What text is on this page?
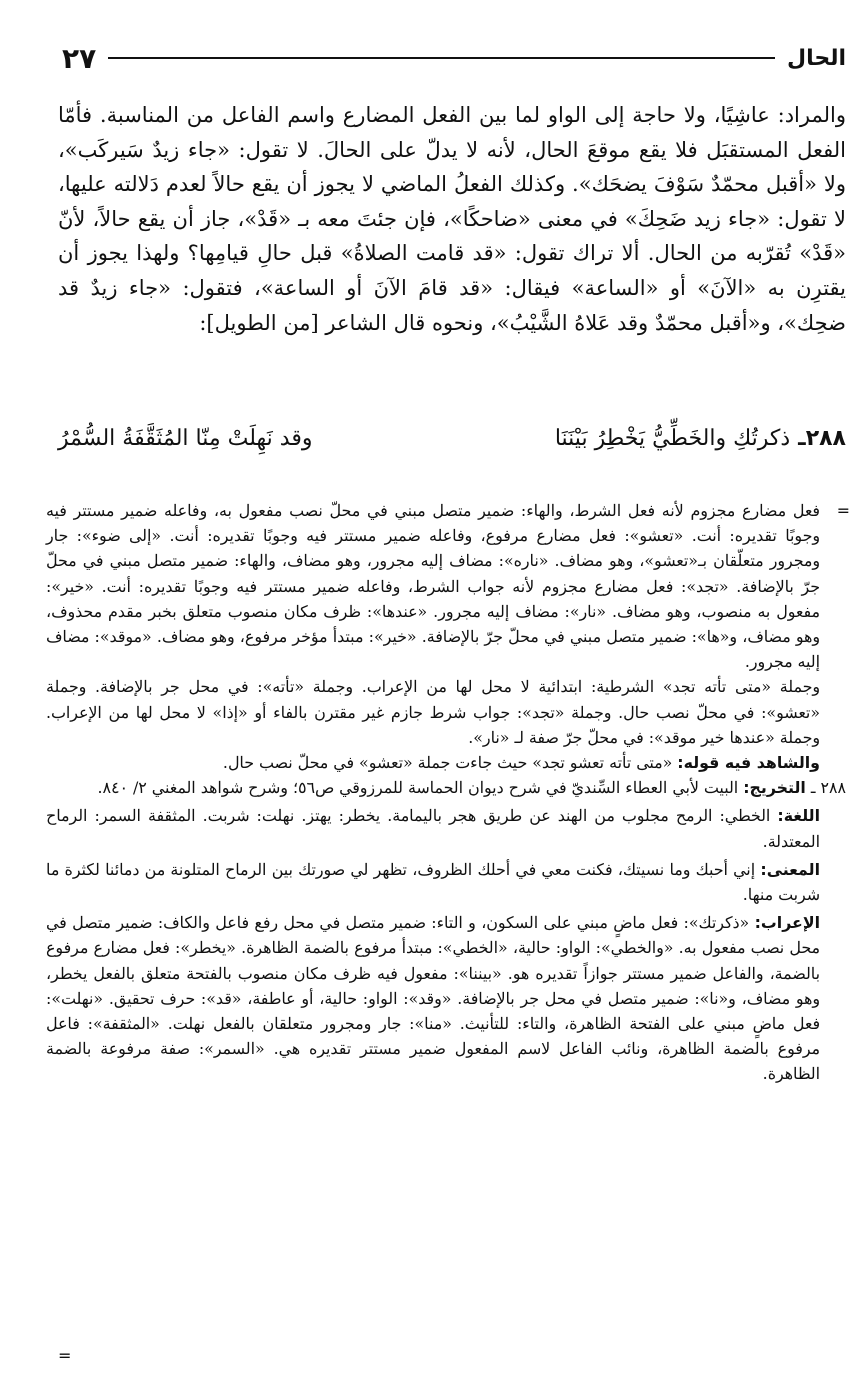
الحال
٢٧

والمراد: عاشِيًا، ولا حاجة إلى الواو لما بين الفعل المضارع واسم الفاعل من المناسبة. فأمّا الفعل المستقبَل فلا يقع موقعَ الحال، لأنه لا يدلّ على الحالَ. لا تقول: «جاء زيدٌ سَيركَب»، ولا «أقبل محمّدٌ سَوْفَ يضحَك». وكذلك الفعلُ الماضي لا يجوز أن يقع حالاً لعدم دَلالته عليها، لا تقول: «جاء زيد ضَحِكَ» في معنى «ضاحكًا»، فإن جئتَ معه بـ «قَدْ»، جاز أن يقع حالاً، لأنّ «قَدْ» تُقرّبه من الحال. ألا تراك تقول: «قد قامت الصلاةُ» قبل حالِ قيامِها؟ ولهذا يجوز أن يقترِن به «الآنَ» أو «الساعة» فيقال: «قد قامَ الآنَ أو الساعة»، فتقول: «جاء زيدٌ قد ضحِك»، و«أقبل محمّدٌ وقد عَلاهُ الشَّيْبُ»، ونحوه قال الشاعر [من الطويل]:

٢٨٨ـ
ذكرتُكِ والخَطِّيُّ يَخْطِرُ بَيْنَنَا
وقد نَهِلَتْ مِنّا المُثَقَّفَةُ السُّمْرُ

=
فعل مضارع مجزوم لأنه فعل الشرط، والهاء: ضمير متصل مبني في محلّ نصب مفعول به، وفاعله ضمير مستتر فيه وجوبًا تقديره: أنت. «تعشو»: فعل مضارع مرفوع، وفاعله ضمير مستتر فيه وجوبًا تقديره: أنت. «إلى ضوء»: جار ومجرور متعلّقان بـ«تعشو»، وهو مضاف. «ناره»: مضاف إليه مجرور، وهو مضاف، والهاء: ضمير متصل مبني في محلّ جرّ بالإضافة. «تجد»: فعل مضارع مجزوم لأنه جواب الشرط، وفاعله ضمير مستتر فيه وجوبًا تقديره: أنت. «خير»: مفعول به منصوب، وهو مضاف. «نار»: مضاف إليه مجرور. «عندها»: ظرف مكان منصوب متعلق بخبر مقدم محذوف، وهو مضاف، و«ها»: ضمير متصل مبني في محلّ جرّ بالإضافة. «خير»: مبتدأ مؤخر مرفوع، وهو مضاف. «موقد»: مضاف إليه مجرور.

وجملة «متى تأته تجد» الشرطية: ابتدائية لا محل لها من الإعراب. وجملة «تأته»: في محل جر بالإضافة. وجملة «تعشو»: في محلّ نصب حال. وجملة «تجد»: جواب شرط جازم غير مقترن بالفاء أو «إذا» لا محل لها من الإعراب. وجملة «عندها خير موقد»: في محلّ جرّ صفة لـ «نار».

والشاهد فيه قوله: «متى تأته تعشو تجد» حيث جاءت جملة «تعشو» في محلّ نصب حال.

٢٨٨ ـ التخريج: البيت لأبي العطاء السِّنديّ في شرح ديوان الحماسة للمرزوقي ص٥٦؛ وشرح شواهد المغني ٢/ ٨٤٠.

اللغة: الخطي: الرمح مجلوب من الهند عن طريق هجر باليمامة. يخطر: يهتز. نهلت: شربت. المثقفة السمر: الرماح المعتدلة.

المعنى: إني أحبك وما نسيتك، فكنت معي في أحلك الظروف، تظهر لي صورتك بين الرماح المتلونة من دمائنا لكثرة ما شربت منها.

الإعراب: «ذكرتك»: فعل ماضٍ مبني على السكون، و التاء: ضمير متصل في محل رفع فاعل والكاف: ضمير متصل في محل نصب مفعول به. «والخطي»: الواو: حالية، «الخطي»: مبتدأ مرفوع بالضمة الظاهرة. «يخطر»: فعل مضارع مرفوع بالضمة، والفاعل ضمير مستتر جوازاً تقديره هو. «بيننا»: مفعول فيه ظرف مكان منصوب بالفتحة متعلق بالفعل يخطر، وهو مضاف، و«نا»: ضمير متصل في محل جر بالإضافة. «وقد»: الواو: حالية، أو عاطفة، «قد»: حرف تحقيق. «نهلت»: فعل ماضٍ مبني على الفتحة الظاهرة، والتاء: للتأنيث. «منا»: جار ومجرور متعلقان بالفعل نهلت. «المثقفة»: فاعل مرفوع بالضمة الظاهرة، ونائب الفاعل لاسم المفعول ضمير مستتر تقديره هي. «السمر»: صفة مرفوعة بالضمة الظاهرة.

=
